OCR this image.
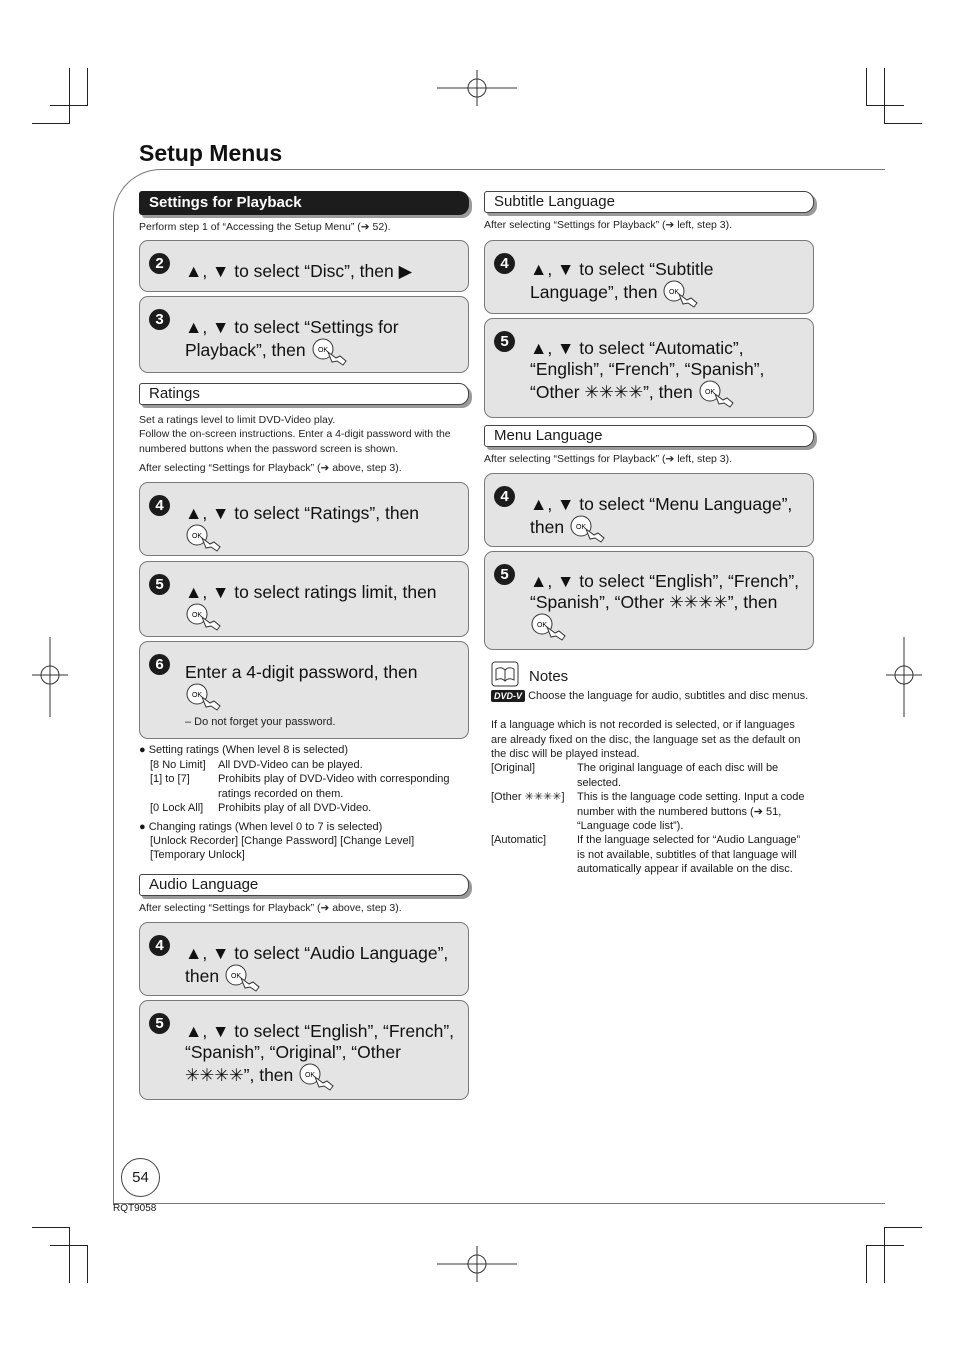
Setup Menus
Settings for Playback
Perform step 1 of “Accessing the Setup Menu” (➔ 52).
2	▲, ▼ to select “Disc”, then ▶
3	▲, ▼ to select “Settings for Playback”, then OK
Ratings
Set a ratings level to limit DVD-Video play.
Follow the on-screen instructions. Enter a 4-digit password with the numbered buttons when the password screen is shown.
After selecting “Settings for Playback” (➔ above, step 3).
4	▲, ▼ to select “Ratings”, then

OK
5	▲, ▼ to select ratings limit, then

OK
6	Enter a 4-digit password, then

OK
– Do not forget your password.
● Setting ratings (When level 8 is selected)
[8 No Limit] All DVD-Video can be played.
[1] to [7]	Prohibits play of DVD-Video with corresponding ratings recorded on them.
[0 Lock All] Prohibits play of all DVD-Video.
● Changing ratings (When level 0 to 7 is selected)
[Unlock Recorder] [Change Password] [Change Level]
[Temporary Unlock]
Audio Language
After selecting “Settings for Playback” (➔ above, step 3).
4	▲, ▼ to select “Audio Language”, then OK
5	▲, ▼ to select “English”, “French”, “Spanish”, “Original”, “Other ✳✳✳✳”, then OK
Subtitle Language
After selecting “Settings for Playback” (➔ left, step 3).
4	▲, ▼ to select “Subtitle Language”, then OK
5	▲, ▼ to select “Automatic”, “English”, “French”, “Spanish”, “Other ✳✳✳✳”, then OK
Menu Language
After selecting “Settings for Playback” (➔ left, step 3).
4	▲, ▼ to select “Menu Language”, then OK
5	▲, ▼ to select “English”, “French”, “Spanish”, “Other ✳✳✳✳”, then
OK
Notes
DVD-V Choose the language for audio, subtitles and disc menus.
If a language which is not recorded is selected, or if languages are already fixed on the disc, the language set as the default on the disc will be played instead.
[Original]	The original language of each disc will be selected.
[Other ✳✳✳✳] This is the language code setting. Input a code number with the numbered buttons (➔ 51, “Language code list”).
[Automatic]	If the language selected for “Audio Language” is not available, subtitles of that language will automatically appear if available on the disc.
54
RQT9058
